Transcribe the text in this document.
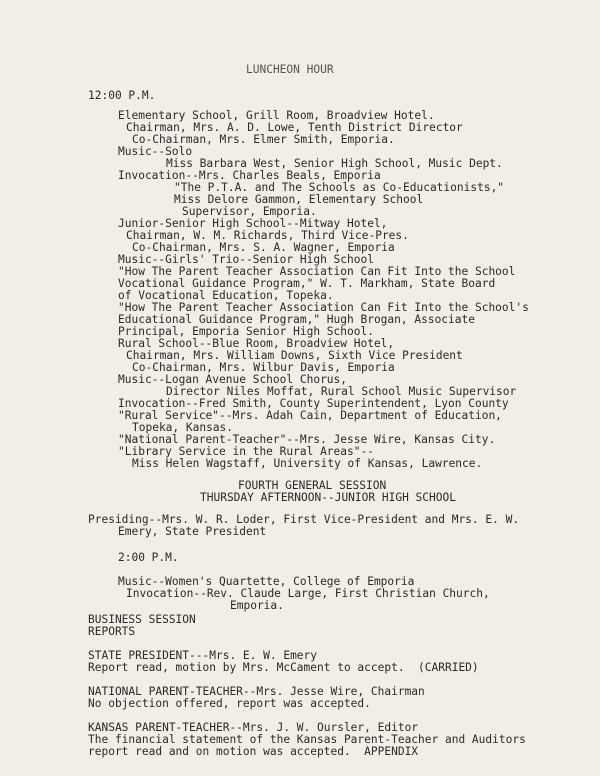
LUNCHEON HOUR
12:00 P.M.
Elementary School, Grill Room, Broadview Hotel.
Chairman, Mrs. A. D. Lowe, Tenth District Director
Co-Chairman, Mrs. Elmer Smith, Emporia.
Music--Solo
Miss Barbara West, Senior High School, Music Dept.
Invocation--Mrs. Charles Beals, Emporia
"The P.T.A. and The Schools as Co-Educationists,"
Miss Delore Gammon, Elementary School
Supervisor, Emporia.
Junior-Senior High School--Mitway Hotel,
Chairman, W. M. Richards, Third Vice-Pres.
Co-Chairman, Mrs. S. A. Wagner, Emporia
Music--Girls' Trio--Senior High School
"How The Parent Teacher Association Can Fit Into the School
Vocational Guidance Program," W. T. Markham, State Board
of Vocational Education, Topeka.
"How The Parent Teacher Association Can Fit Into the School's
Educational Guidance Program," Hugh Brogan, Associate
Principal, Emporia Senior High School.
Rural School--Blue Room, Broadview Hotel,
Chairman, Mrs. William Downs, Sixth Vice President
Co-Chairman, Mrs. Wilbur Davis, Emporia
Music--Logan Avenue School Chorus,
Director Niles Moffat, Rural School Music Supervisor
Invocation--Fred Smith, County Superintendent, Lyon County
"Rural Service"--Mrs. Adah Cain, Department of Education,
Topeka, Kansas.
"National Parent-Teacher"--Mrs. Jesse Wire, Kansas City.
"Library Service in the Rural Areas"--
Miss Helen Wagstaff, University of Kansas, Lawrence.
FOURTH GENERAL SESSION
THURSDAY AFTERNOON--JUNIOR HIGH SCHOOL
Presiding--Mrs. W. R. Loder, First Vice-President and Mrs. E. W.
Emery, State President
2:00 P.M.
Music--Women's Quartette, College of Emporia
Invocation--Rev. Claude Large, First Christian Church,
Emporia.
BUSINESS SESSION
REPORTS
STATE PRESIDENT---Mrs. E. W. Emery
Report read, motion by Mrs. McCament to accept.  (CARRIED)
NATIONAL PARENT-TEACHER--Mrs. Jesse Wire, Chairman
No objection offered, report was accepted.
KANSAS PARENT-TEACHER--Mrs. J. W. Oursler, Editor
The financial statement of the Kansas Parent-Teacher and Auditors
report read and on motion was accepted.  APPENDIX
